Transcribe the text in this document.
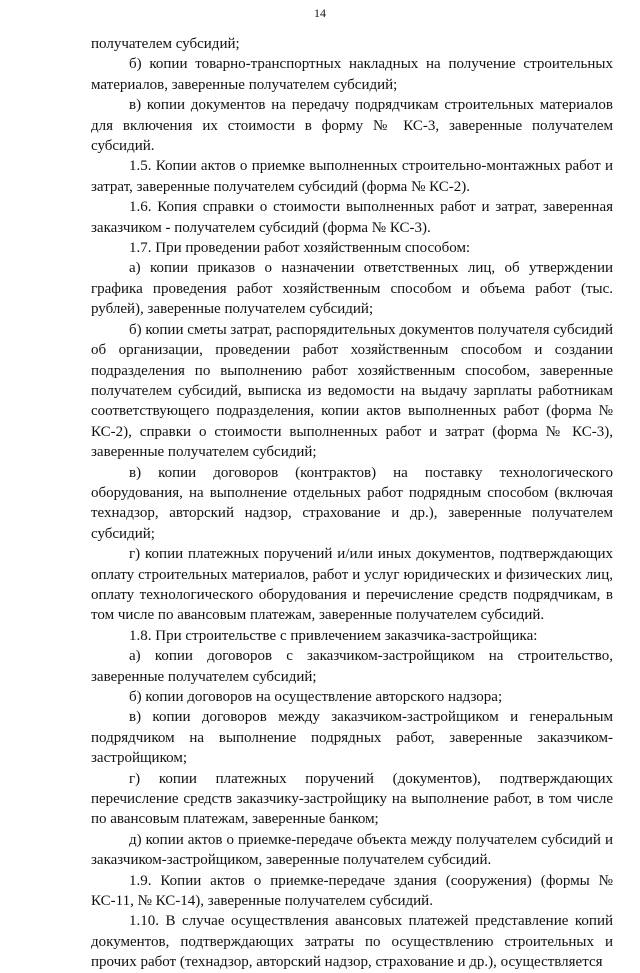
14

получателем субсидий;

б) копии товарно-транспортных накладных на получение строительных материалов, заверенные получателем субсидий;

в) копии документов на передачу подрядчикам строительных материалов для включения их стоимости в форму № КС-3, заверенные получателем субсидий.

1.5. Копии актов о приемке выполненных строительно-монтажных работ и затрат, заверенные получателем субсидий (форма № КС-2).

1.6. Копия справки о стоимости выполненных работ и затрат, заверенная заказчиком - получателем субсидий (форма № КС-3).

1.7. При проведении работ хозяйственным способом:

а) копии приказов о назначении ответственных лиц, об утверждении графика проведения работ хозяйственным способом и объема работ (тыс. рублей), заверенные получателем субсидий;

б) копии сметы затрат, распорядительных документов получателя субсидий об организации, проведении работ хозяйственным способом и создании подразделения по выполнению работ хозяйственным способом, заверенные получателем субсидий, выписка из ведомости на выдачу зарплаты работникам соответствующего подразделения, копии актов выполненных работ (форма № КС-2), справки о стоимости выполненных работ и затрат (форма № КС-3), заверенные получателем субсидий;

в) копии договоров (контрактов) на поставку технологического оборудования, на выполнение отдельных работ подрядным способом (включая технадзор, авторский надзор, страхование и др.), заверенные получателем субсидий;

г) копии платежных поручений и/или иных документов, подтверждающих оплату строительных материалов, работ и услуг юридических и физических лиц, оплату технологического оборудования и перечисление средств подрядчикам, в том числе по авансовым платежам, заверенные получателем субсидий.

1.8. При строительстве с привлечением заказчика-застройщика:

а) копии договоров с заказчиком-застройщиком на строительство, заверенные получателем субсидий;

б) копии договоров на осуществление авторского надзора;

в) копии договоров между заказчиком-застройщиком и генеральным подрядчиком на выполнение подрядных работ, заверенные заказчиком-застройщиком;

г) копии платежных поручений (документов), подтверждающих перечисление средств заказчику-застройщику на выполнение работ, в том числе по авансовым платежам, заверенные банком;

д) копии актов о приемке-передаче объекта между получателем субсидий и заказчиком-застройщиком, заверенные получателем субсидий.

1.9. Копии актов о приемке-передаче здания (сооружения) (формы № КС-11, № КС-14), заверенные получателем субсидий.

1.10. В случае осуществления авансовых платежей представление копий документов, подтверждающих затраты по осуществлению строительных и прочих работ (технадзор, авторский надзор, страхование и др.), осуществляется
